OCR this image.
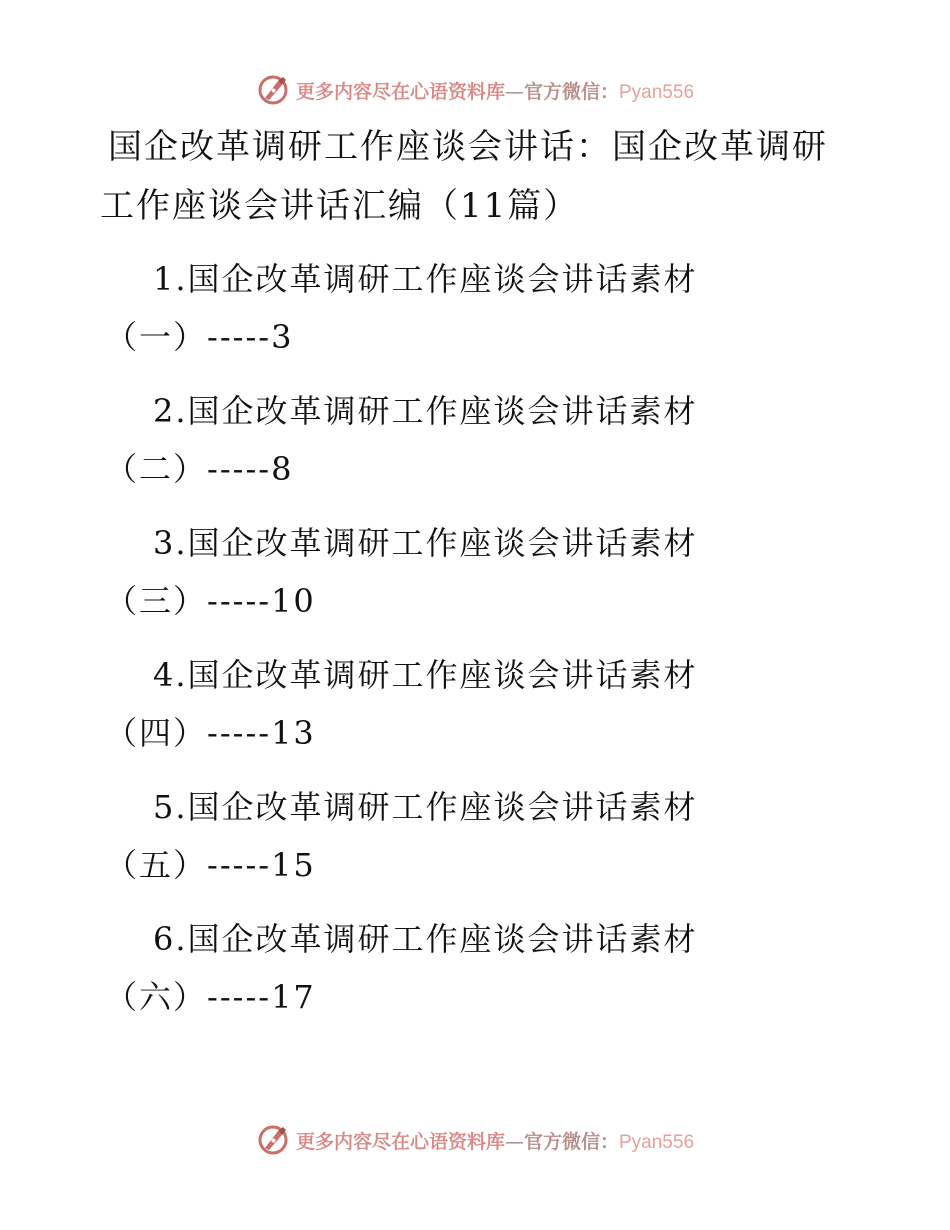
更多内容尽在心语资料库—官方微信：Pyan556
国企改革调研工作座谈会讲话：国企改革调研工作座谈会讲话汇编（11篇）
1.国企改革调研工作座谈会讲话素材
（一）-----3
2.国企改革调研工作座谈会讲话素材
（二）-----8
3.国企改革调研工作座谈会讲话素材
（三）-----10
4.国企改革调研工作座谈会讲话素材
（四）-----13
5.国企改革调研工作座谈会讲话素材
（五）-----15
6.国企改革调研工作座谈会讲话素材
（六）-----17
更多内容尽在心语资料库—官方微信：Pyan556
